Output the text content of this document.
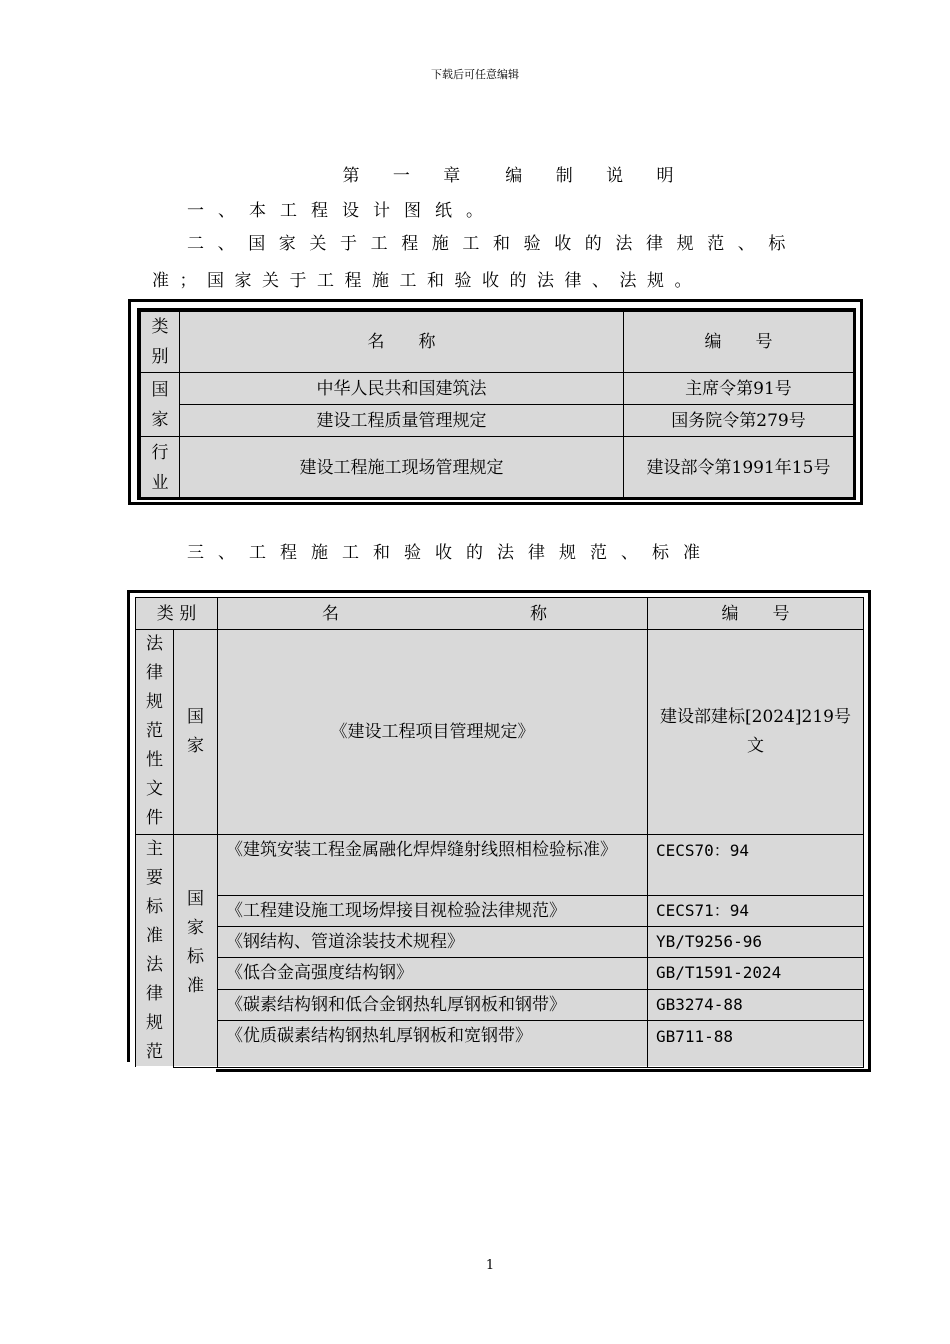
下载后可任意编辑
第 一 章　编 制 说 明
一、本工程设计图纸。
二、国家关于工程施工和验收的法律规范、标
准；国家关于工程施工和验收的法律、法规。
类别	名　　称	编　　号

国家	中华人民共和国建筑法	主席令第91号
	建设工程质量管理规定	国务院令第279号

行业	建设工程施工现场管理规定	建设部令第1991年15号
三、工程施工和验收的法律规范、标准
类 别		名 称	编　　号

法律规范性文件	国家	《建设工程项目管理规定》	建设部建标[2024]219号文

主要标准法律规范	国家标准	《建筑安装工程金属融化焊焊缝射线照相检验标准》	CECS70：94
		《工程建设施工现场焊接目视检验法律规范》	CECS71：94
		《钢结构、管道涂装技术规程》	YB/T9256-96
		《低合金高强度结构钢》	GB/T1591-2024
		《碳素结构钢和低合金钢热轧厚钢板和钢带》	GB3274-88
		《优质碳素结构钢热轧厚钢板和宽钢带》	GB711-88
1
